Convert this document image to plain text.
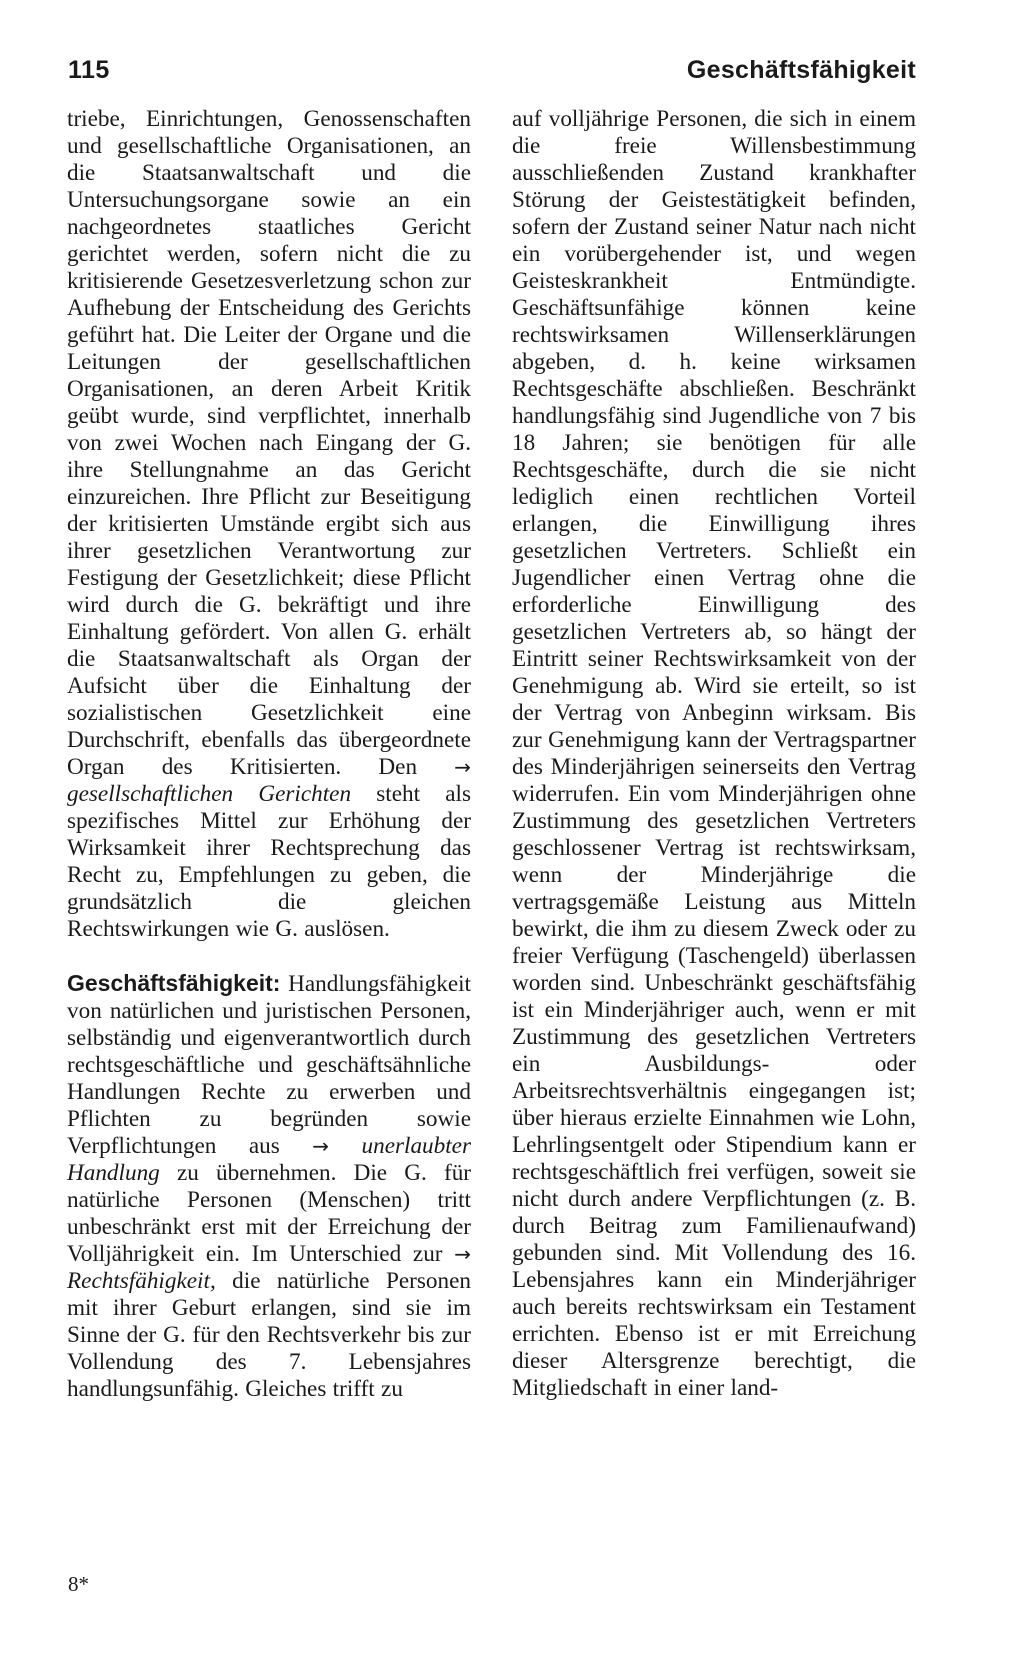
115	Geschäftsfähigkeit

triebe, Einrichtungen, Genossenschaften und gesellschaftliche Organisationen, an die Staatsanwaltschaft und die Untersuchungsorgane sowie an ein nachgeordnetes staatliches Gericht gerichtet werden, sofern nicht die zu kritisierende Gesetzesverletzung schon zur Aufhebung der Entscheidung des Gerichts geführt hat. Die Leiter der Organe und die Leitungen der gesellschaftlichen Organisationen, an deren Arbeit Kritik geübt wurde, sind verpflichtet, innerhalb von zwei Wochen nach Eingang der G. ihre Stellungnahme an das Gericht einzureichen. Ihre Pflicht zur Beseitigung der kritisierten Umstände ergibt sich aus ihrer gesetzlichen Verantwortung zur Festigung der Gesetzlichkeit; diese Pflicht wird durch die G. bekräftigt und ihre Einhaltung gefördert. Von allen G. erhält die Staatsanwaltschaft als Organ der Aufsicht über die Einhaltung der sozialistischen Gesetzlichkeit eine Durchschrift, ebenfalls das übergeordnete Organ des Kritisierten. Den → gesellschaftlichen Gerichten steht als spezifisches Mittel zur Erhöhung der Wirksamkeit ihrer Rechtsprechung das Recht zu, Empfehlungen zu geben, die grundsätzlich die gleichen Rechtswirkungen wie G. auslösen.

Geschäftsfähigkeit: Handlungsfähigkeit von natürlichen und juristischen Personen, selbständig und eigenverantwortlich durch rechtsgeschäftliche und geschäftsähnliche Handlungen Rechte zu erwerben und Pflichten zu begründen sowie Verpflichtungen aus → unerlaubter Handlung zu übernehmen. Die G. für natürliche Personen (Menschen) tritt unbeschränkt erst mit der Erreichung der Volljährigkeit ein. Im Unterschied zur → Rechtsfähigkeit, die natürliche Personen mit ihrer Geburt erlangen, sind sie im Sinne der G. für den Rechtsverkehr bis zur Vollendung des 7. Lebensjahres handlungsunfähig. Gleiches trifft zu

auf volljährige Personen, die sich in einem die freie Willensbestimmung ausschließenden Zustand krankhafter Störung der Geistestätigkeit befinden, sofern der Zustand seiner Natur nach nicht ein vorübergehender ist, und wegen Geisteskrankheit Entmündigte. Geschäftsunfähige können keine rechtswirksamen Willenserklärungen abgeben, d. h. keine wirksamen Rechtsgeschäfte abschließen. Beschränkt handlungsfähig sind Jugendliche von 7 bis 18 Jahren; sie benötigen für alle Rechtsgeschäfte, durch die sie nicht lediglich einen rechtlichen Vorteil erlangen, die Einwilligung ihres gesetzlichen Vertreters. Schließt ein Jugendlicher einen Vertrag ohne die erforderliche Einwilligung des gesetzlichen Vertreters ab, so hängt der Eintritt seiner Rechtswirksamkeit von der Genehmigung ab. Wird sie erteilt, so ist der Vertrag von Anbeginn wirksam. Bis zur Genehmigung kann der Vertragspartner des Minderjährigen seinerseits den Vertrag widerrufen. Ein vom Minderjährigen ohne Zustimmung des gesetzlichen Vertreters geschlossener Vertrag ist rechtswirksam, wenn der Minderjährige die vertragsgemäße Leistung aus Mitteln bewirkt, die ihm zu diesem Zweck oder zu freier Verfügung (Taschengeld) überlassen worden sind. Unbeschränkt geschäftsfähig ist ein Minderjähriger auch, wenn er mit Zustimmung des gesetzlichen Vertreters ein Ausbildungs- oder Arbeitsrechtsverhältnis eingegangen ist; über hieraus erzielte Einnahmen wie Lohn, Lehrlingsentgelt oder Stipendium kann er rechtsgeschäftlich frei verfügen, soweit sie nicht durch andere Verpflichtungen (z. B. durch Beitrag zum Familienaufwand) gebunden sind. Mit Vollendung des 16. Lebensjahres kann ein Minderjähriger auch bereits rechtswirksam ein Testament errichten. Ebenso ist er mit Erreichung dieser Altersgrenze berechtigt, die Mitgliedschaft in einer land-

8*
